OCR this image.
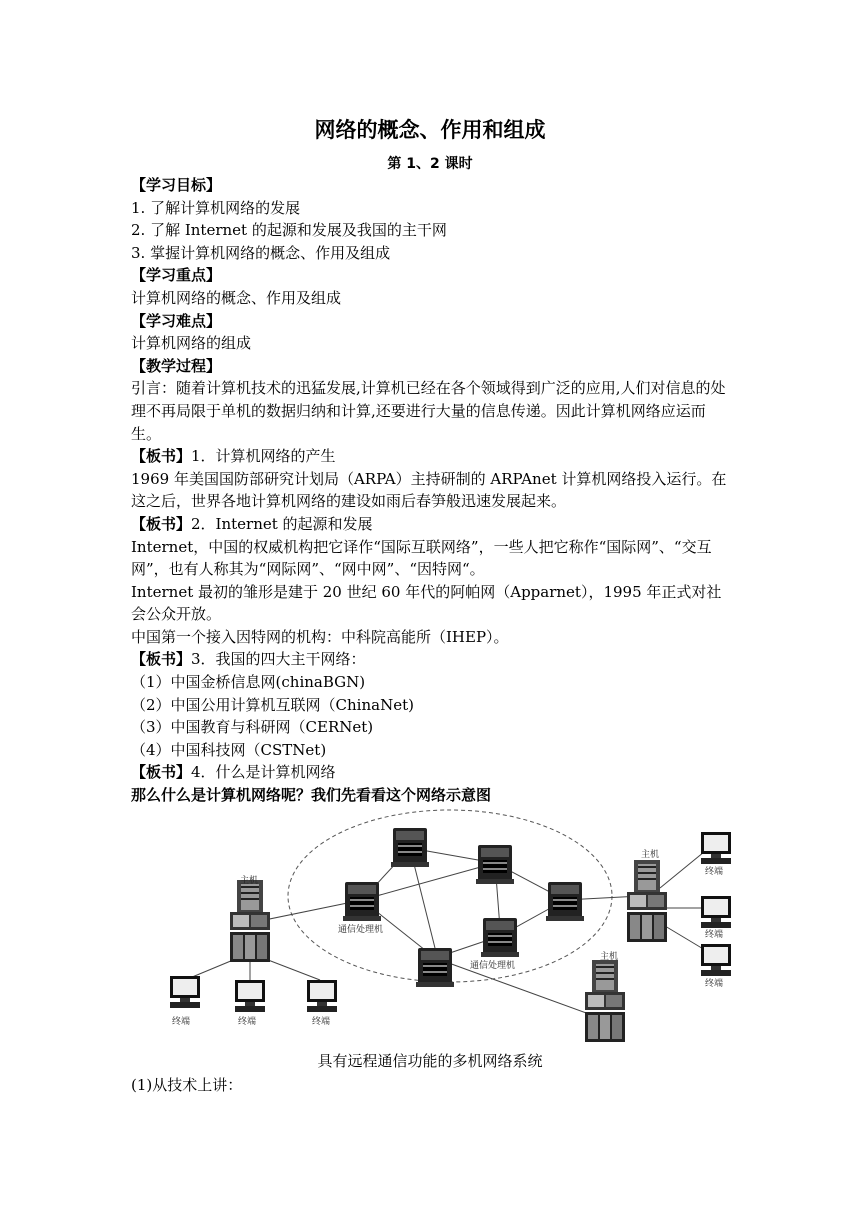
网络的概念、作用和组成
第 1、2 课时

【学习目标】

1. 了解计算机网络的发展

2. 了解 Internet 的起源和发展及我国的主干网

3. 掌握计算机网络的概念、作用及组成

【学习重点】

计算机网络的概念、作用及组成

【学习难点】

计算机网络的组成

【教学过程】

引言：随着计算机技术的迅猛发展,计算机已经在各个领域得到广泛的应用,人们对信息的处理不再局限于单机的数据归纳和计算,还要进行大量的信息传递。因此计算机网络应运而生。

【板书】1．计算机网络的产生

1969 年美国国防部研究计划局（ARPA）主持研制的 ARPAnet 计算机网络投入运行。在这之后，世界各地计算机网络的建设如雨后春笋般迅速发展起来。

【板书】2．Internet 的起源和发展

Internet，中国的权威机构把它译作“国际互联网络”，一些人把它称作“国际网”、“交互网”，也有人称其为“网际网”、“网中网”、“因特网“。

Internet 最初的雏形是建于 20 世纪 60 年代的阿帕网（Apparnet），1995 年正式对社会公众开放。

中国第一个接入因特网的机构：中科院高能所（IHEP）。

【板书】3．我国的四大主干网络：

（1）中国金桥信息网(chinaBGN)

（2）中国公用计算机互联网（ChinaNet)

（3）中国教育与科研网（CERNet)

（4）中国科技网（CSTNet)

【板书】4．什么是计算机网络

那么什么是计算机网络呢？我们先看看这个网络示意图

主机
主机
主机
通信处理机
通信处理机
终端	终端	终端
终端
终端
终端
具有远程通信功能的多机网络系统
(1)从技术上讲：
